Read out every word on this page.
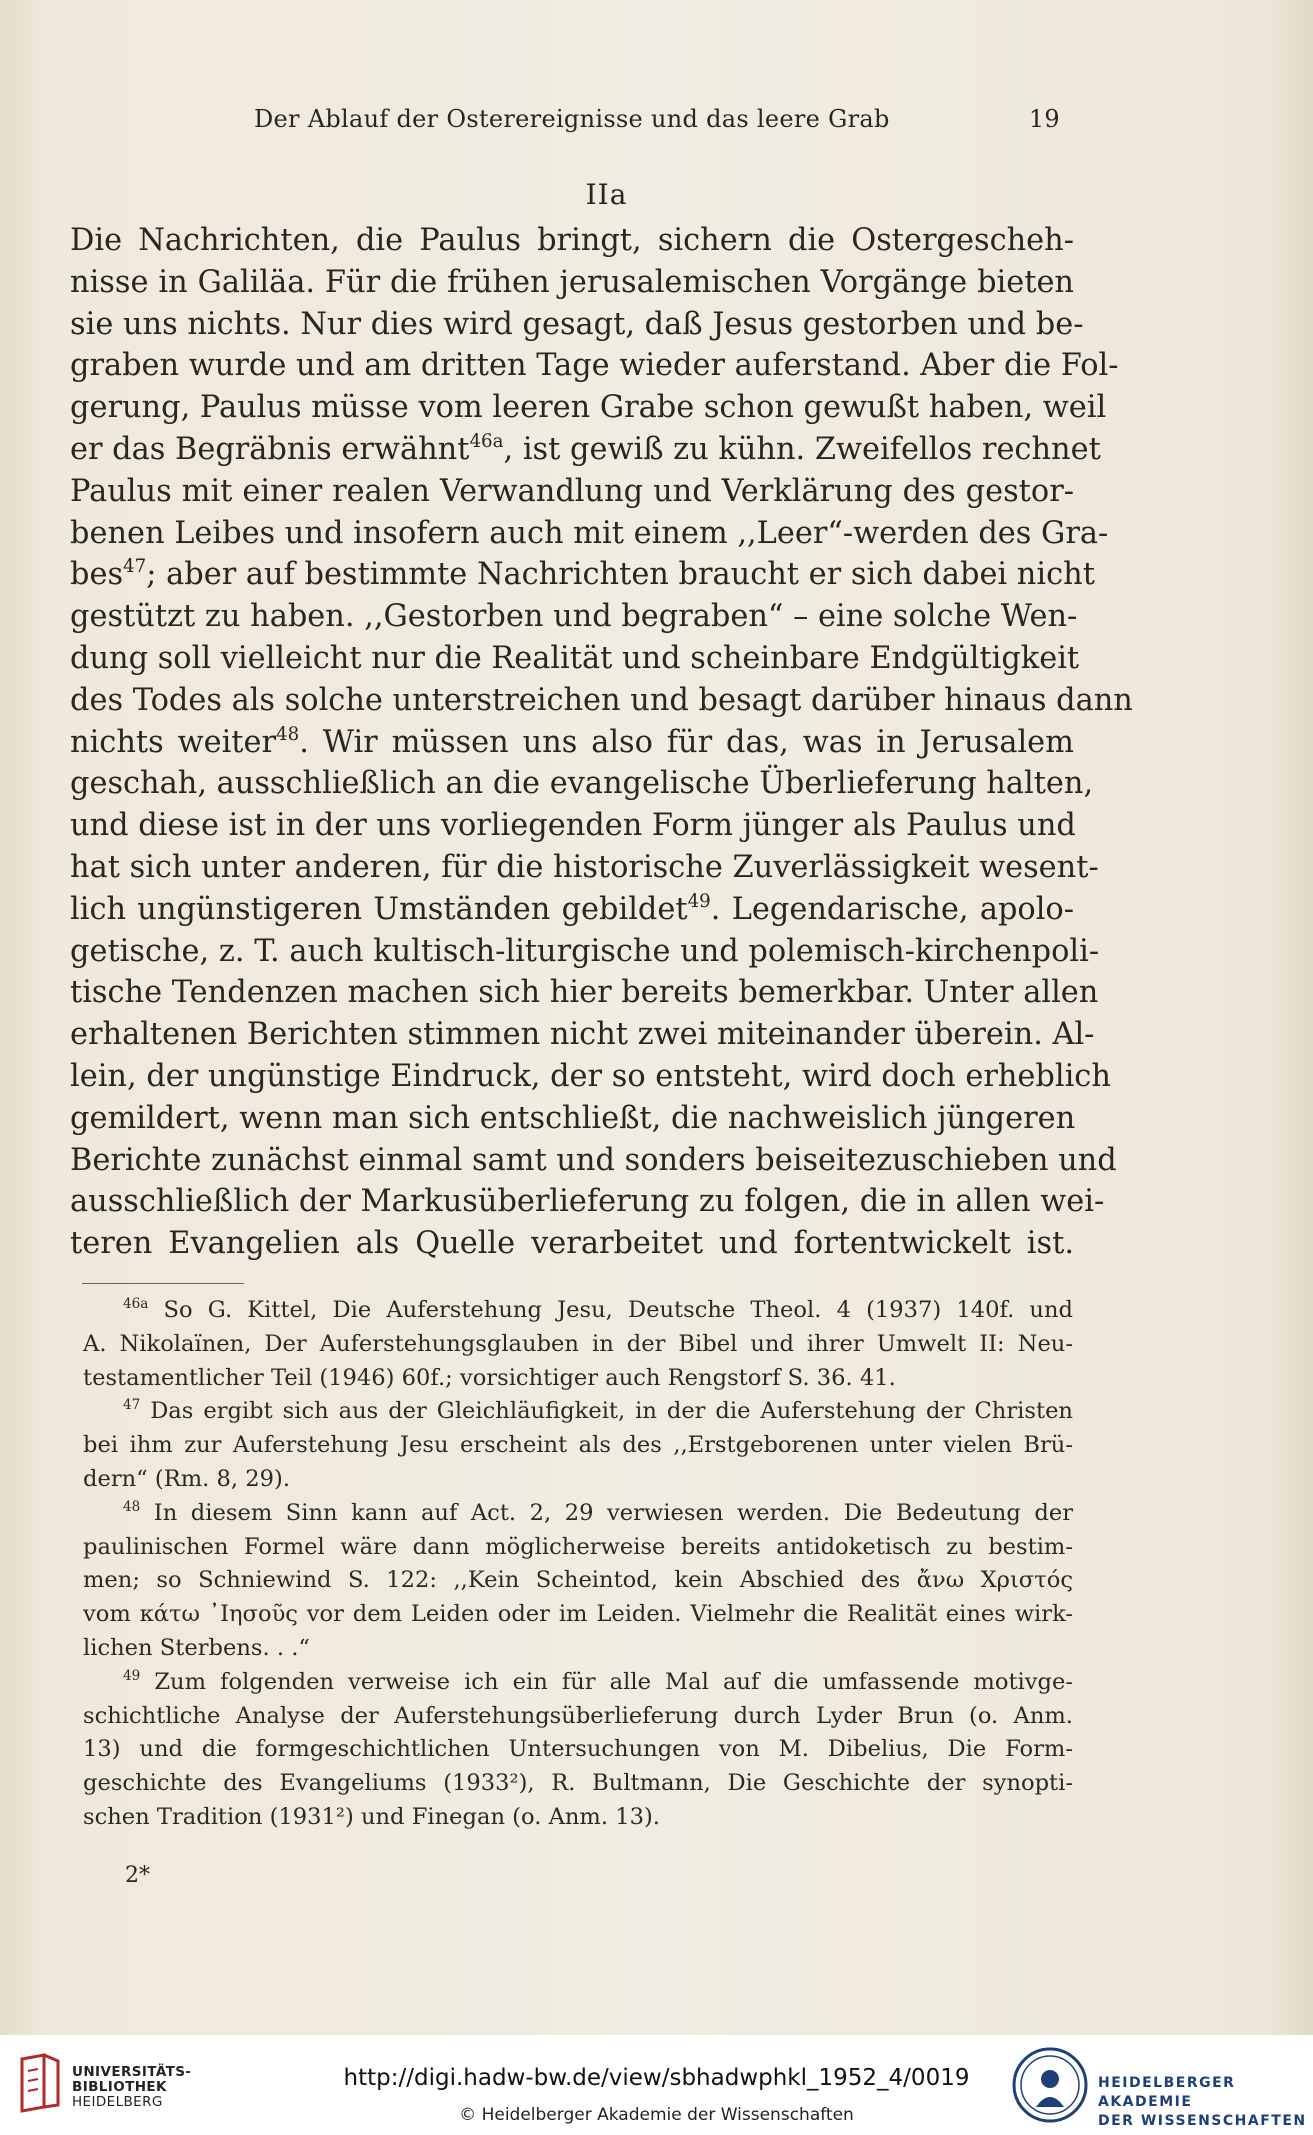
Der Ablauf der Osterereignisse und das leere Grab	19
IIa
Die Nachrichten, die Paulus bringt, sichern die Ostergescheh-
nisse in Galiläa. Für die frühen jerusalemischen Vorgänge bieten
sie uns nichts. Nur dies wird gesagt, daß Jesus gestorben und be-
graben wurde und am dritten Tage wieder auferstand. Aber die Fol-
gerung, Paulus müsse vom leeren Grabe schon gewußt haben, weil
er das Begräbnis erwähnt$^{46a}$, ist gewiß zu kühn. Zweifellos rechnet
Paulus mit einer realen Verwandlung und Verklärung des gestor-
benen Leibes und insofern auch mit einem ,,Leer“-werden des Gra-
bes$^{47}$; aber auf bestimmte Nachrichten braucht er sich dabei nicht
gestützt zu haben. ,,Gestorben und begraben“ – eine solche Wen-
dung soll vielleicht nur die Realität und scheinbare Endgültigkeit
des Todes als solche unterstreichen und besagt darüber hinaus dann
nichts weiter$^{48}$. Wir müssen uns also für das, was in Jerusalem
geschah, ausschließlich an die evangelische Überlieferung halten,
und diese ist in der uns vorliegenden Form jünger als Paulus und
hat sich unter anderen, für die historische Zuverlässigkeit wesent-
lich ungünstigeren Umständen gebildet$^{49}$. Legendarische, apolo-
getische, z. T. auch kultisch-liturgische und polemisch-kirchenpoli-
tische Tendenzen machen sich hier bereits bemerkbar. Unter allen
erhaltenen Berichten stimmen nicht zwei miteinander überein. Al-
lein, der ungünstige Eindruck, der so entsteht, wird doch erheblich
gemildert, wenn man sich entschließt, die nachweislich jüngeren
Berichte zunächst einmal samt und sonders beiseitezuschieben und
ausschließlich der Markusüberlieferung zu folgen, die in allen wei-
teren Evangelien als Quelle verarbeitet und fortentwickelt ist.
$^{46a}$ So G. Kittel, Die Auferstehung Jesu, Deutsche Theol. 4 (1937) 140f. und
A. Nikolaïnen, Der Auferstehungsglauben in der Bibel und ihrer Umwelt II: Neu-
testamentlicher Teil (1946) 60f.; vorsichtiger auch Rengstorf S. 36. 41.
$^{47}$ Das ergibt sich aus der Gleichläufigkeit, in der die Auferstehung der Christen
bei ihm zur Auferstehung Jesu erscheint als des ,,Erstgeborenen unter vielen Brü-
dern“ (Rm. 8, 29).
$^{48}$ In diesem Sinn kann auf Act. 2, 29 verwiesen werden. Die Bedeutung der
paulinischen Formel wäre dann möglicherweise bereits antidoketisch zu bestim-
men; so Schniewind S. 122: ,,Kein Scheintod, kein Abschied des ἄνω Χριστός
vom κάτω ᾽Ιησοῦς vor dem Leiden oder im Leiden. Vielmehr die Realität eines wirk-
lichen Sterbens. . .“
$^{49}$ Zum folgenden verweise ich ein für alle Mal auf die umfassende motivge-
schichtliche Analyse der Auferstehungsüberlieferung durch Lyder Brun (o. Anm.
13) und die formgeschichtlichen Untersuchungen von M. Dibelius, Die Form-
geschichte des Evangeliums (1933²), R. Bultmann, Die Geschichte der synopti-
schen Tradition (1931²) und Finegan (o. Anm. 13).
2*
UNIVERSITÄTS-
BIBLIOTHEK
HEIDELBERG
http://digi.hadw-bw.de/view/sbhadwphkl_1952_4/0019
© Heidelberger Akademie der Wissenschaften
HEIDELBERGER AKADEMIE
DER WISSENSCHAFTEN
